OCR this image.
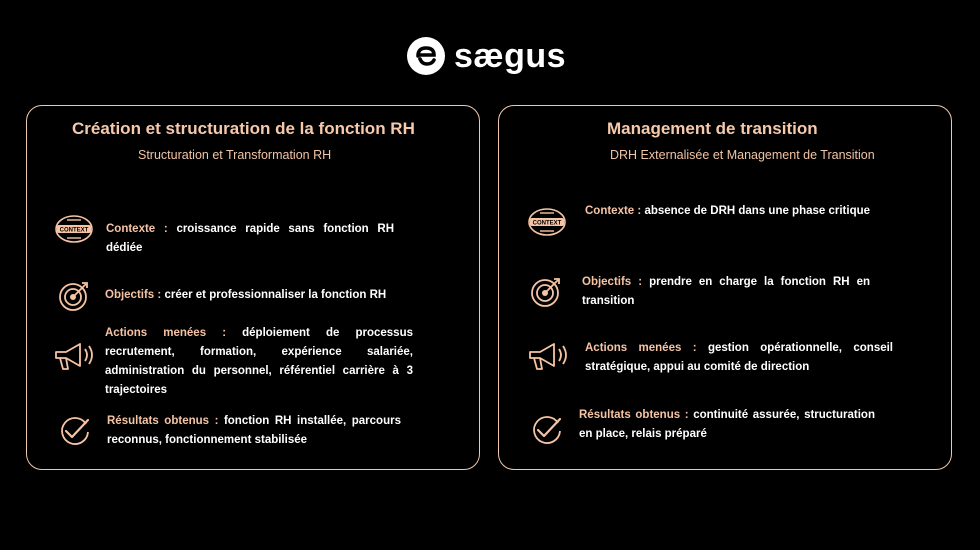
sægus
Création et structuration de la fonction RH
Structuration et Transformation RH
CONTEXT Contexte : croissance rapide sans fonction RH dédiée
Objectifs : créer et professionnaliser la fonction RH
Actions menées : déploiement de processus recrutement, formation, expérience salariée, administration du personnel, référentiel carrière à 3 trajectoires
Résultats obtenus : fonction RH installée, parcours reconnus, fonctionnement stabilisée
Management de transition
DRH Externalisée et Management de Transition
CONTEXT
Contexte : absence de DRH dans une phase critique
Objectifs : prendre en charge la fonction RH en transition
Actions menées : gestion opérationnelle, conseil stratégique, appui au comité de direction
Résultats obtenus : continuité assurée, structuration en place, relais préparé
